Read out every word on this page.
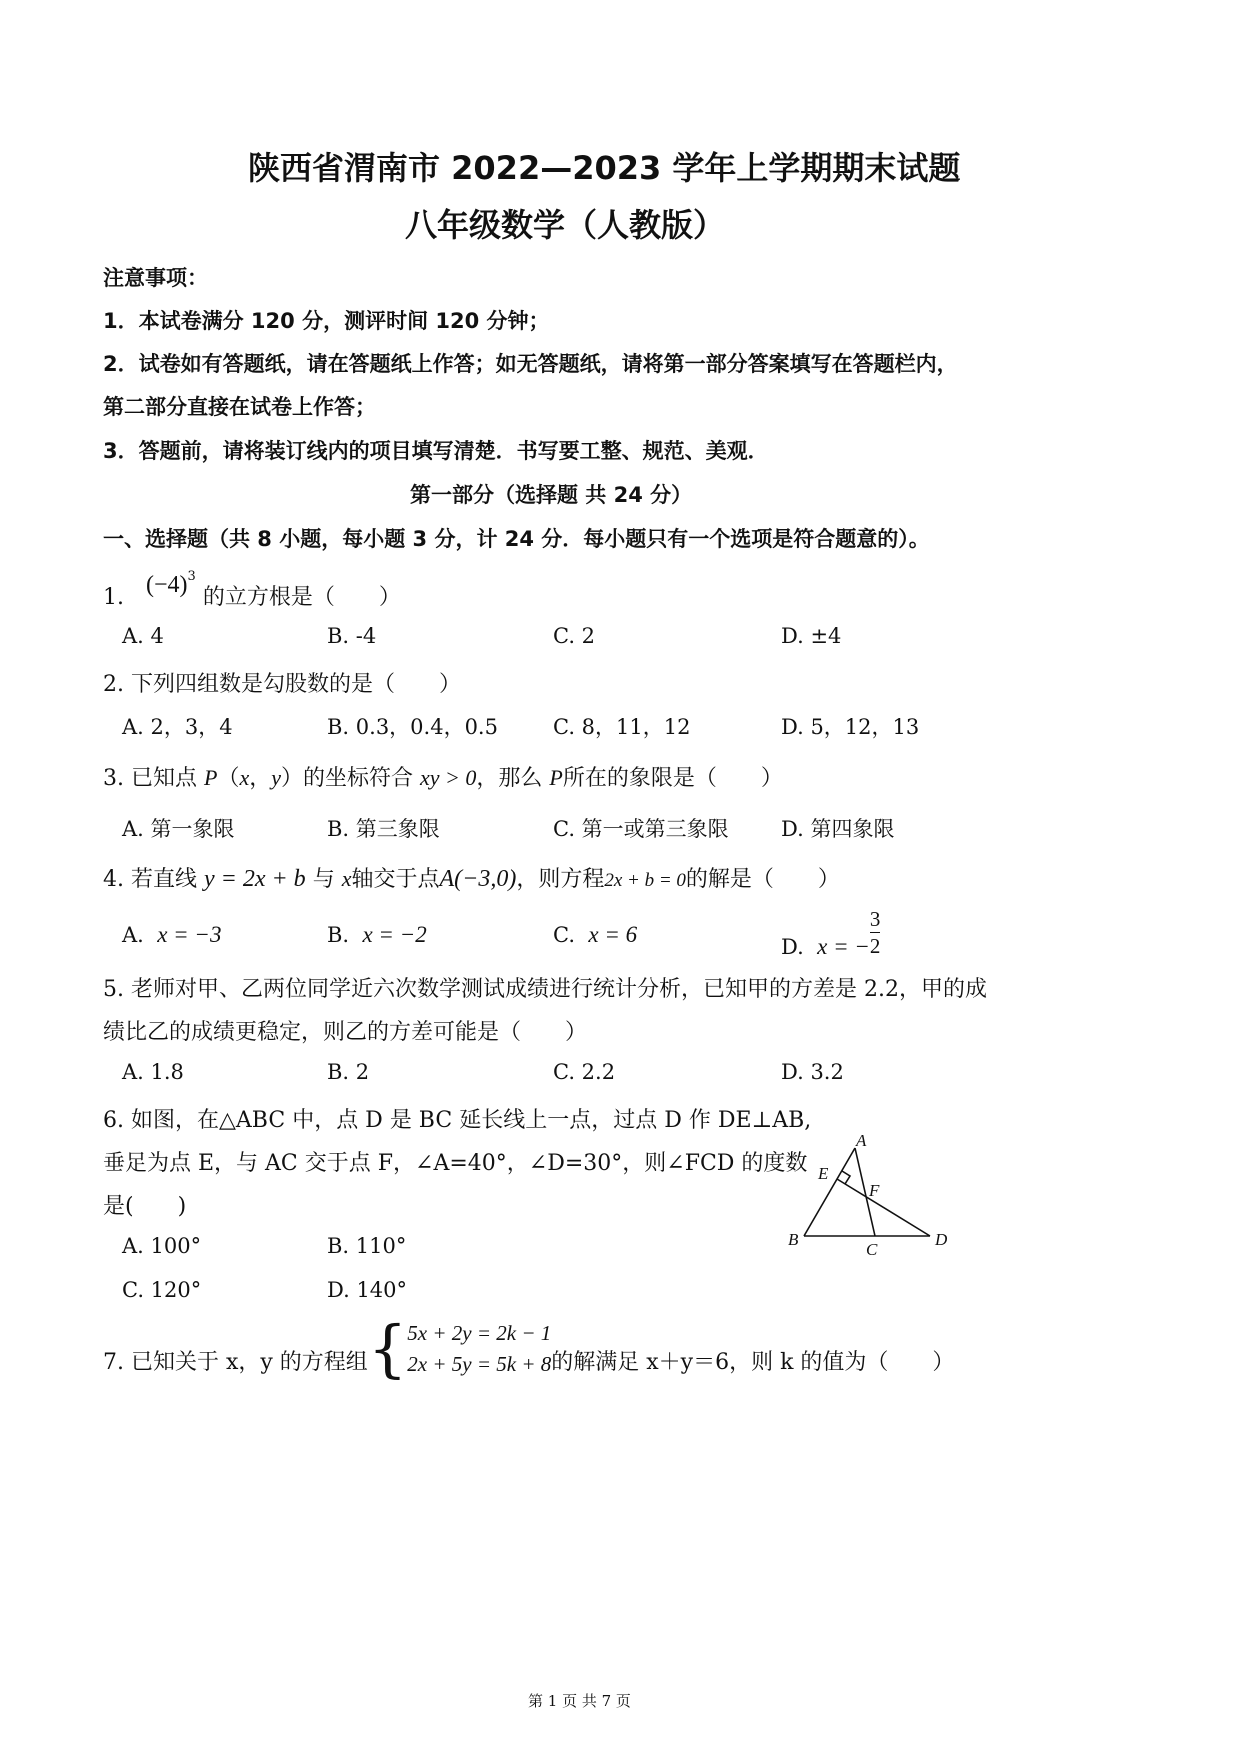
陕西省渭南市 2022—2023 学年上学期期末试题
八年级数学（人教版）
注意事项：
1．本试卷满分 120 分，测评时间 120 分钟；
2．试卷如有答题纸，请在答题纸上作答；如无答题纸，请将第一部分答案填写在答题栏内，
第二部分直接在试卷上作答；
3．答题前，请将装订线内的项目填写清楚．书写要工整、规范、美观．
第一部分（选择题 共 24 分）
一、选择题（共 8 小题，每小题 3 分，计 24 分．每小题只有一个选项是符合题意的）。
1. $(-4)^3$ 的立方根是（　　）
A. 4	B. -4	C. 2	D. ±4
2. 下列四组数是勾股数的是（　　）
A. 2，3，4	B. 0.3，0.4，0.5	C. 8，11，12	D. 5，12，13
3. 已知点 P（x，y）的坐标符合 xy > 0，那么 P所在的象限是（　　）
A. 第一象限	B. 第三象限	C. 第一或第三象限 D. 第四象限
4. 若直线 y = 2x + b 与 x轴交于点A(−3,0)，则方程2x + b = 0的解是（　　）
A. x = −3	B. x = −2	C. x = 6	D. x = − $\frac{3}{2}$
5. 老师对甲、乙两位同学近六次数学测试成绩进行统计分析，已知甲的方差是 2.2，甲的成
绩比乙的成绩更稳定，则乙的方差可能是（　　）
A. 1.8	B. 2	C. 2.2	D. 3.2
6. 如图，在△ABC 中，点 D 是 BC 延长线上一点，过点 D 作 DE⊥AB,
垂足为点 E，与 AC 交于点 F，∠A=40°，∠D=30°，则∠FCD 的度数
是(　　)
A. 100°	B. 110°
C. 120°	D. 140°
A
E
F
B
C
D
7. 已知关于 x，y 的方程组{ 5x + 2y = 2k − 1
2x + 5y = 5k + 8 的解满足 x＋y＝6，则 k 的值为（　　）
第 1 页 共 7 页
